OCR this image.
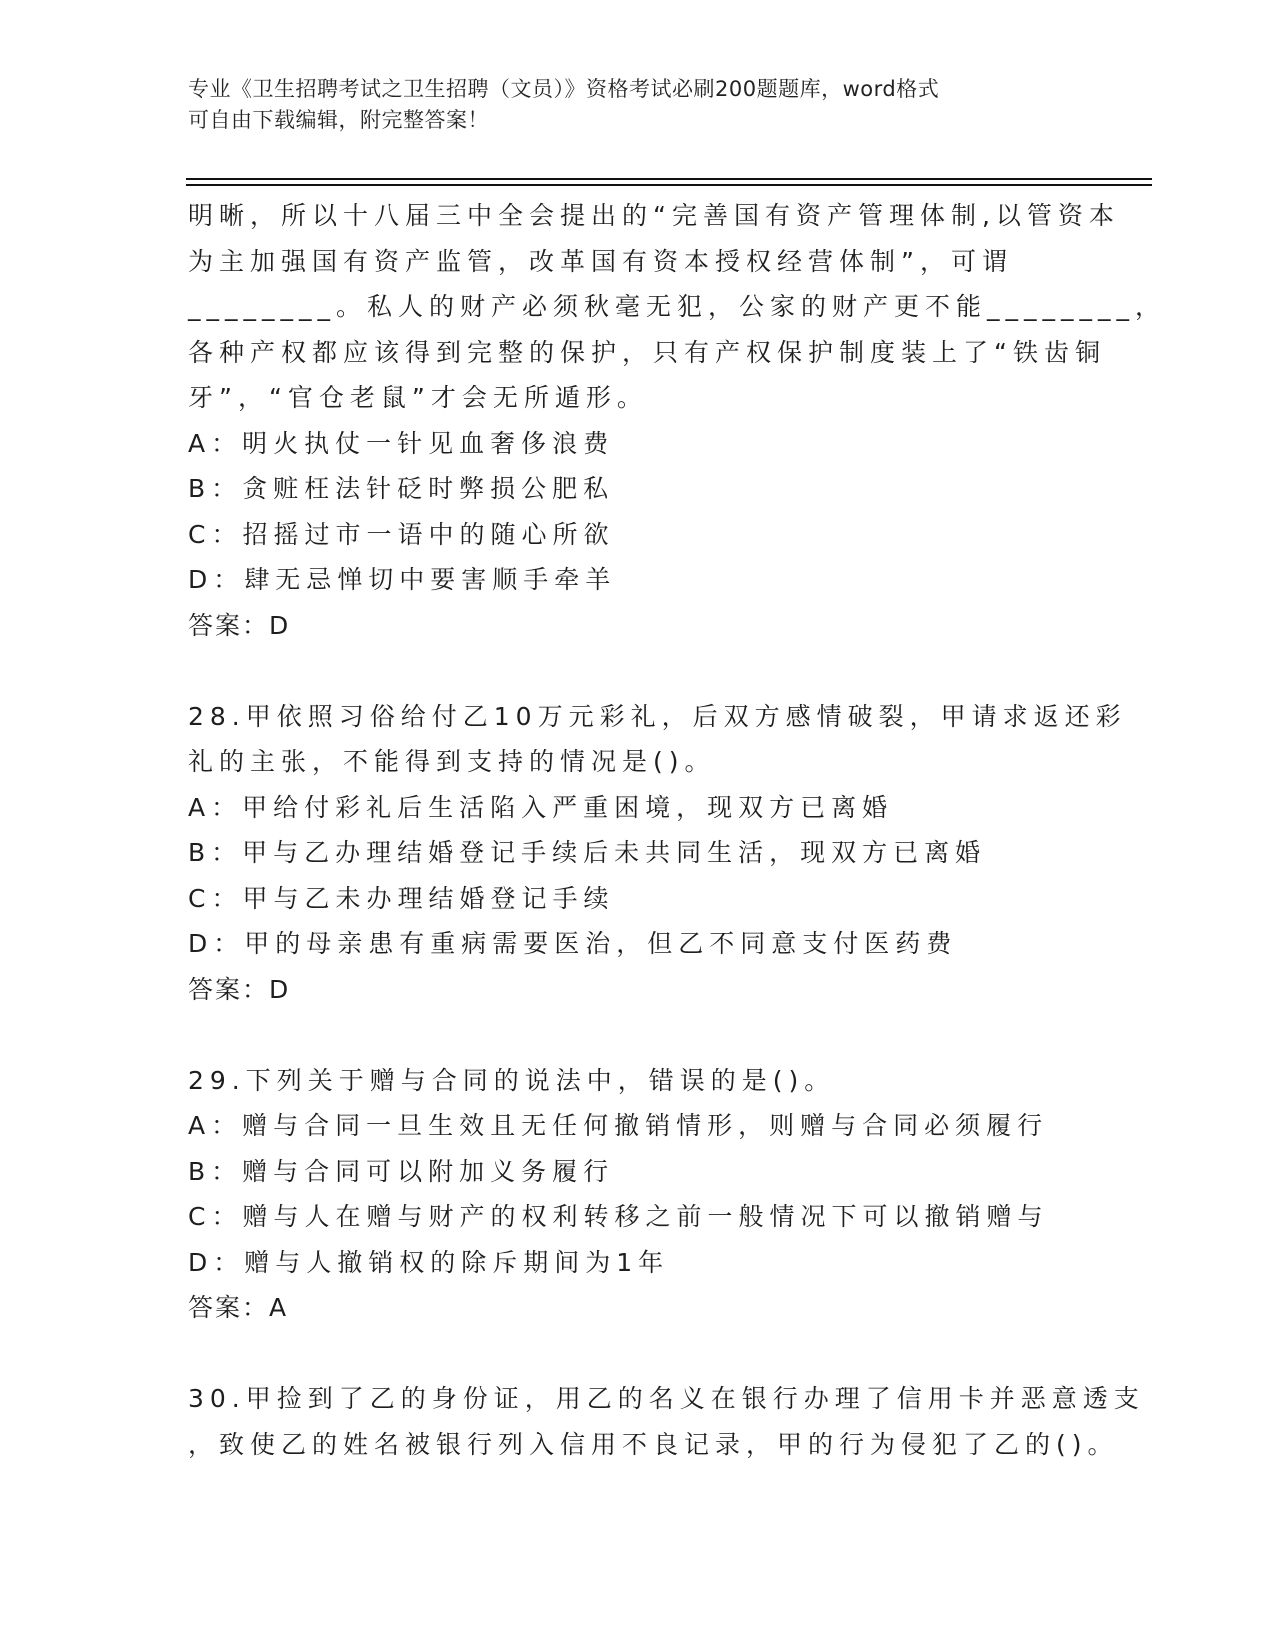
专业《卫生招聘考试之卫生招聘（文员）》资格考试必刷200题题库，word格式
可自由下载编辑，附完整答案！
明晰，所以十八届三中全会提出的“完善国有资产管理体制,以管资本
为主加强国有资产监管，改革国有资本授权经营体制”，可谓
________。私人的财产必须秋毫无犯，公家的财产更不能________，
各种产权都应该得到完整的保护，只有产权保护制度装上了“铁齿铜
牙”，“官仓老鼠”才会无所遁形。
A：明火执仗一针见血奢侈浪费
B：贪赃枉法针砭时弊损公肥私
C：招摇过市一语中的随心所欲
D：肆无忌惮切中要害顺手牵羊
答案：D
28.甲依照习俗给付乙10万元彩礼，后双方感情破裂，甲请求返还彩
礼的主张，不能得到支持的情况是()。
A：甲给付彩礼后生活陷入严重困境，现双方已离婚
B：甲与乙办理结婚登记手续后未共同生活，现双方已离婚
C：甲与乙未办理结婚登记手续
D：甲的母亲患有重病需要医治，但乙不同意支付医药费
答案：D
29.下列关于赠与合同的说法中，错误的是()。
A：赠与合同一旦生效且无任何撤销情形，则赠与合同必须履行
B：赠与合同可以附加义务履行
C：赠与人在赠与财产的权利转移之前一般情况下可以撤销赠与
D：赠与人撤销权的除斥期间为1年
答案：A
30.甲捡到了乙的身份证，用乙的名义在银行办理了信用卡并恶意透支
，致使乙的姓名被银行列入信用不良记录，甲的行为侵犯了乙的()。
